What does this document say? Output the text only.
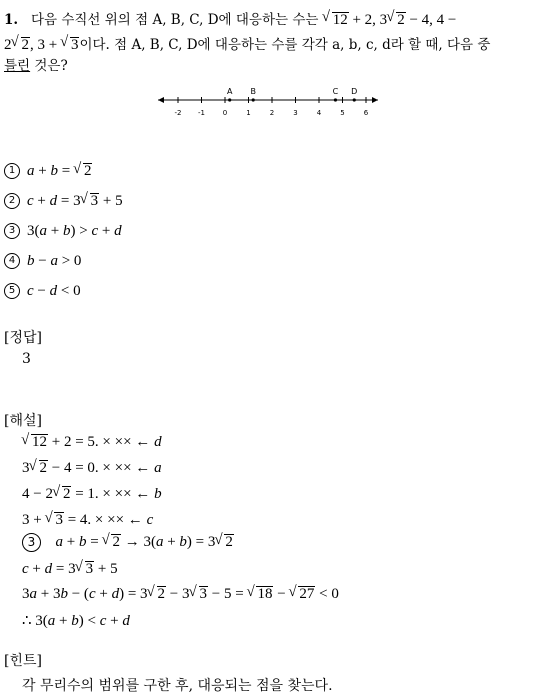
1. 다음 수직선 위의 점 A, B, C, D에 대응하는 수는 √ 12 + 2, 3 √ 2 − 4, 4 −
2 √ 2, 3 + √ 3이다. 점 A, B, C, D에 대응하는 수를 각각 a, b, c, d라 할 때, 다음 중
틀린 것은?
-2 -1	0	1	2	3	4	5	6
A B	C D
1 a + b = √ 2
2 c + d = 3 √ 3 + 5
3 3(a + b) > c + d
4 b − a > 0
5 c − d < 0
[정답]
3
[해설]
√ 12 + 2 = 5. × ×× ← d
3 √ 2 − 4 = 0. × ×× ← a
4 − 2 √ 2 = 1. × ×× ← b
3 + √ 3 = 4. × ×× ← c
3 a + b = √ 2 → 3(a + b) = 3 √ 2
c + d = 3 √ 3 + 5
3a + 3b − (c + d) = 3 √ 2 − 3 √ 3 − 5 = √ 18 − √ 27 < 0
∴ 3(a + b) < c + d
[힌트]
각 무리수의 범위를 구한 후, 대응되는 점을 찾는다.
